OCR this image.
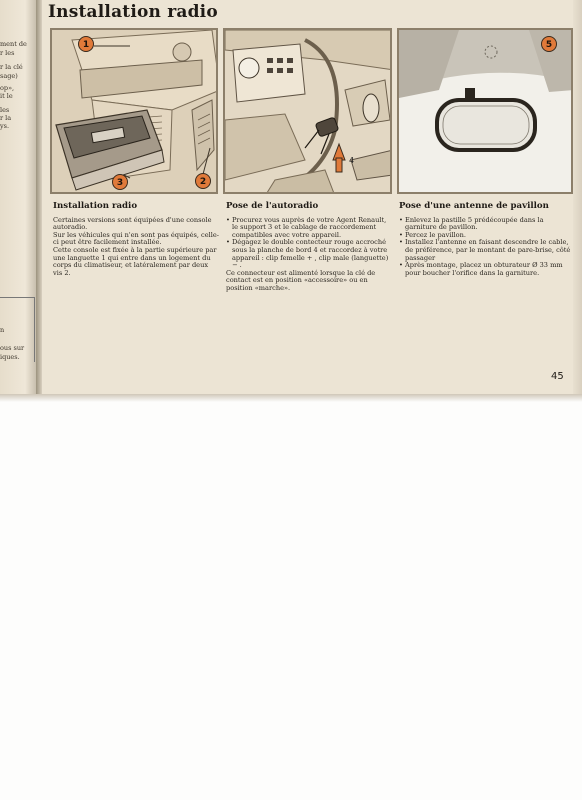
ment de
r les
r la clé
sage)
op»,
it le
les
r la
ys.
n
ous sur
iques.
Installation radio
1
3	2
4
5
Installation radio

Certaines versions sont équipées d'une console autoradio.

Sur les véhicules qui n'en sont pas équipés, celle-ci peut être facilement installée.

Cette console est fixée à la partie supérieure par une languette 1 qui entre dans un logement du corps du climatiseur, et latéralement par deux vis 2.

Pose de l'autoradio
• Procurez vous auprès de votre Agent Renault, le support 3 et le cablage de raccordement compatibles avec votre appareil.
• Dégagez le double contecteur rouge accroché sous la planche de bord 4 et raccordez à votre appareil : clip femelle + , clip male (languette) − .

Ce connecteur est alimenté lorsque la clé de contact est en position «accessoire» ou en position «marche».

Pose d'une antenne de pavillon
• Enlevez la pastille 5 prédécoupée dans la garniture de pavillon.
• Percez le pavillon.
• Installez l'antenne en faisant descendre le cable, de préférence, par le montant de pare-brise, côté passager
• Après montage, placez un obturateur Ø 33 mm pour boucher l'orifice dans la garniture.
45
